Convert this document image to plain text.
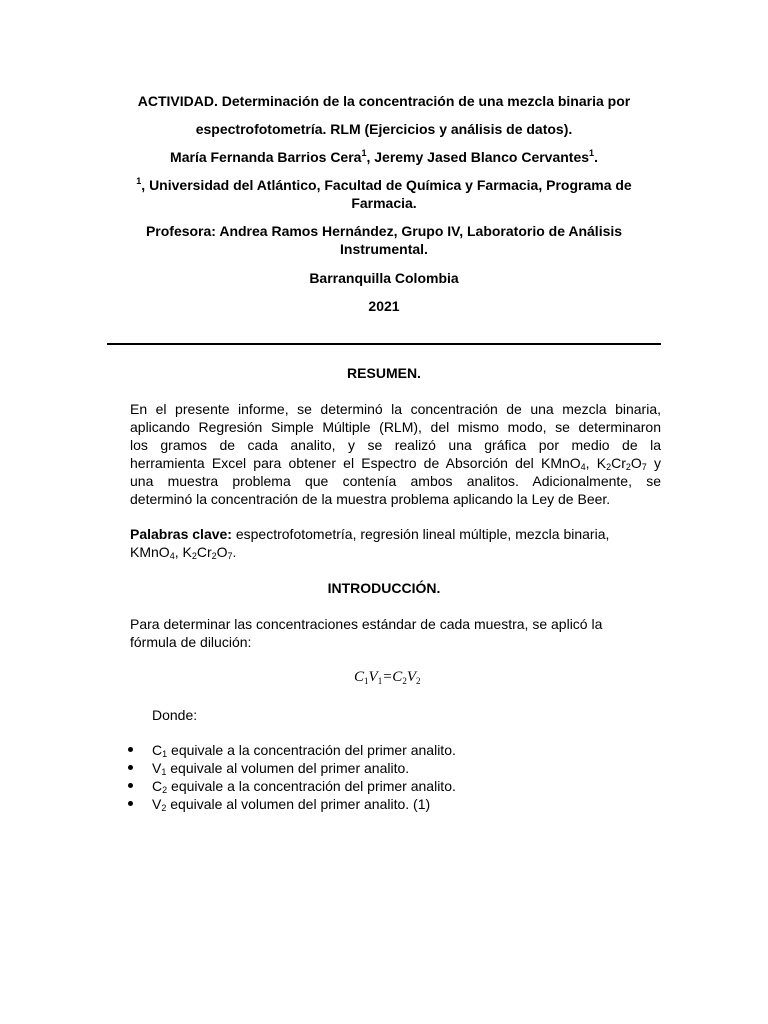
ACTIVIDAD. Determinación de la concentración de una mezcla binaria por
espectrofotometría. RLM (Ejercicios y análisis de datos).
María Fernanda Barrios Cera$^1$, Jeremy Jased Blanco Cervantes$^1$.
$^1$, Universidad del Atlántico, Facultad de Química y Farmacia, Programa de
Farmacia.
Profesora: Andrea Ramos Hernández, Grupo IV, Laboratorio de Análisis
Instrumental.
Barranquilla Colombia
2021
RESUMEN.
En el presente informe, se determinó la concentración de una mezcla binaria,
aplicando Regresión Simple Múltiple (RLM), del mismo modo, se determinaron
los gramos de cada analito, y se realizó una gráfica por medio de la
herramienta Excel para obtener el Espectro de Absorción del KMnO$_4$, $K_2Cr_2O_7$ y
una muestra problema que contenía ambos analitos. Adicionalmente, se
determinó la concentración de la muestra problema aplicando la Ley de Beer.
Palabras clave: espectrofotometría, regresión lineal múltiple, mezcla binaria,
KMnO$_4$, $K_2Cr_2O_7$.
INTRODUCCIÓN.
Para determinar las concentraciones estándar de cada muestra, se aplicó la
fórmula de dilución:
$C_1V_1=C_2V_2$
Donde:
$C_1$ equivale a la concentración del primer analito.
$V_1$ equivale al volumen del primer analito.
$C_2$ equivale a la concentración del primer analito.
$V_2$ equivale al volumen del primer analito. (1)
